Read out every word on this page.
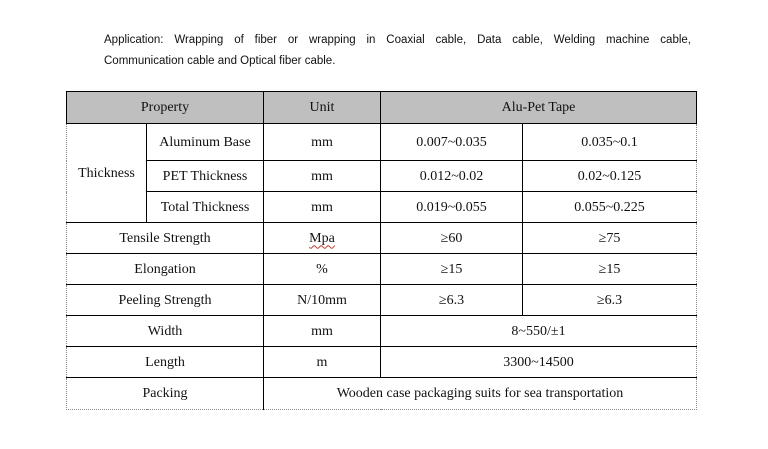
Application: Wrapping of fiber or wrapping in Coaxial cable, Data cable, Welding machine cable,
Communication cable and Optical fiber cable.
Property		Unit	Alu-Pet Tape	
Thickness	Aluminum Base	mm	0.007~0.035	0.035~0.1
	PET Thickness	mm	0.012~0.02	0.02~0.125
	Total Thickness	mm	0.019~0.055	0.055~0.225
Tensile Strength		Mpa	≥60	≥75
Elongation		%	≥15	≥15
Peeling Strength		N/10mm	≥6.3	≥6.3
Width		mm	8~550/±1	
Length		m	3300~14500	
Packing		Wooden case packaging suits for sea transportation		
